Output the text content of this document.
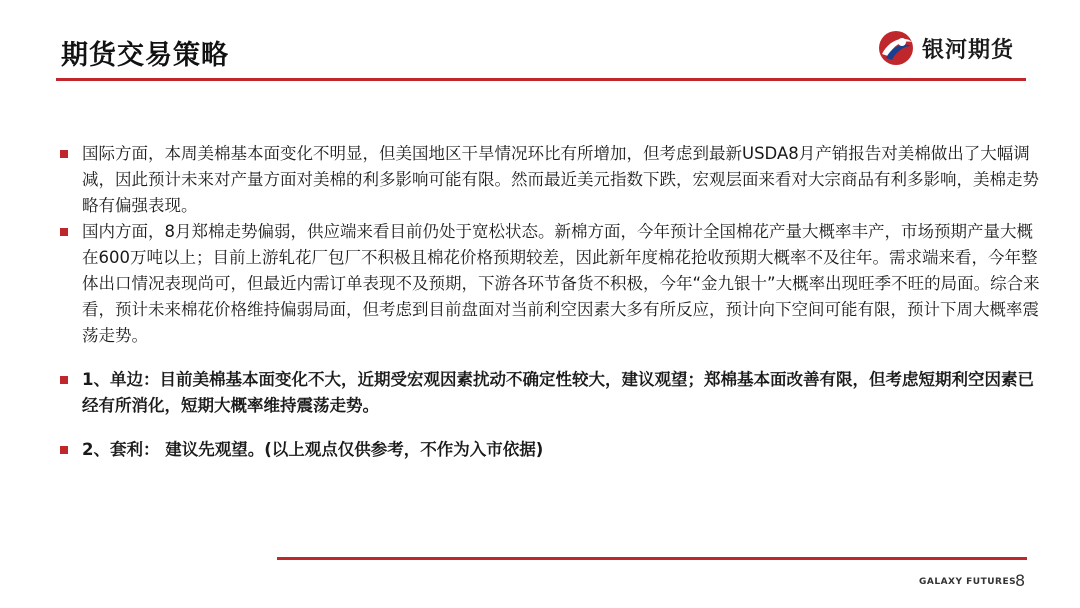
期货交易策略	银河期货
国际方面，本周美棉基本面变化不明显，但美国地区干旱情况环比有所增加，但考虑到最新USDA8月产销报告对美棉做出了大幅调减，因此预计未来对产量方面对美棉的利多影响可能有限。然而最近美元指数下跌，宏观层面来看对大宗商品有利多影响，美棉走势略有偏强表现。
国内方面，8月郑棉走势偏弱，供应端来看目前仍处于宽松状态。新棉方面，今年预计全国棉花产量大概率丰产，市场预期产量大概在600万吨以上；目前上游轧花厂包厂不积极且棉花价格预期较差，因此新年度棉花抢收预期大概率不及往年。需求端来看，今年整体出口情况表现尚可，但最近内需订单表现不及预期，下游各环节备货不积极，今年“金九银十”大概率出现旺季不旺的局面。综合来看，预计未来棉花价格维持偏弱局面，但考虑到目前盘面对当前利空因素大多有所反应，预计向下空间可能有限，预计下周大概率震荡走势。
1、单边：目前美棉基本面变化不大，近期受宏观因素扰动不确定性较大，建议观望；郑棉基本面改善有限，但考虑短期利空因素已经有所消化，短期大概率维持震荡走势。
2、套利： 建议先观望。(以上观点仅供参考，不作为入市依据)
GALAXY FUTURES
8
